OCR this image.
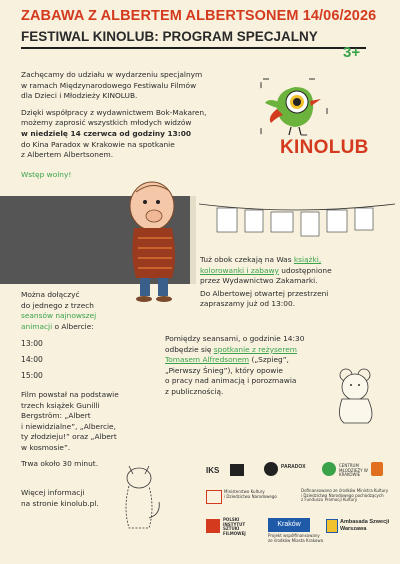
ZABAWA Z ALBERTEM ALBERTSONEM 14/06/2026
FESTIWAL KINOLUB: PROGRAM SPECJALNY
3+
Zachęcamy do udziału w wydarzeniu specjalnym
w ramach Międzynarodowego Festiwalu Filmów
dla Dzieci i Młodzieży KINOLUB.
Dzięki współpracy z wydawnictwem Bok-Makaren,
możemy zaprosić wszystkich młodych widzów
w niedzielę 14 czerwca od godziny 13:00
do Kina Paradox w Krakowie na spotkanie
z Albertem Albertsonem.
Wstęp wolny!
KINOLUB
Tuż obok czekają na Was książki,
kolorowanki i zabawy udostępnione
przez Wydawnictwo Zakamarki.
Do Albertowej otwartej przestrzeni
zapraszamy już od 13:00.
Można dołączyć
do jednego z trzech
seansów najnowszej
animacji o Albercie:
13:00
14:00
15:00
Pomiędzy seansami, o godzinie 14:30
odbędzie się spotkanie z reżyserem
Tomasem Alfredsonem („Szpieg”,
„Pierwszy Śnieg”), który opowie
o pracy nad animacją i porozmawia
z publicznością.
Film powstał na podstawie
trzech książek Gunilli
Bergström: „Albert
i niewidzialne”, „Albercie,
ty złodzieju!” oraz „Albert
w kosmosie”.
Trwa około 30 minut.
Więcej informacji
na stronie kinolub.pl.
IKS	PARADOX	CENTRUM MŁODZIEŻY W KRAKOWIE
Ministerstwo Kultury
i Dziedzictwa Narodowego
Dofinansowano ze środków Ministra Kultury
i Dziedzictwa Narodowego pochodzących
z Funduszu Promocji Kultury
POLSKI
INSTYTUT
SZTUKI
FILMOWEJ
Kraków
Projekt współfinansowany
ze środków Miasta Krakowa
Ambasada Szwecji
Warszawa
